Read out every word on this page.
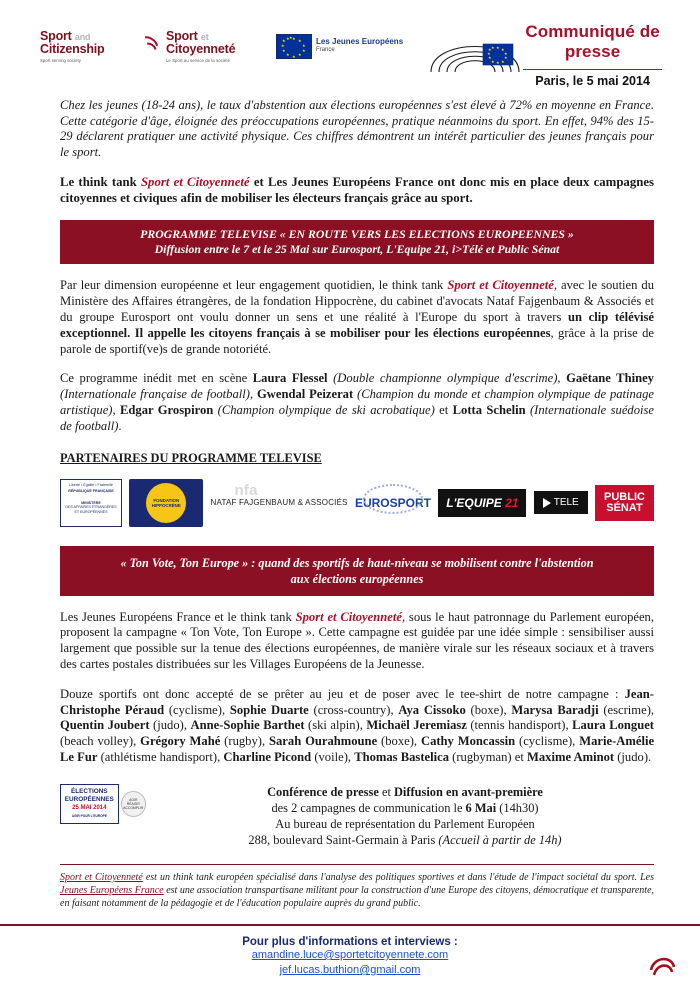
Sport and
Citizenship
Sport serving society
Sport et
Citoyenneté
Le Sport au service de la société
★ ★
★
★
★
★
★
★
★
★ ★ ★	Les Jeunes Européens
France	★ ★
★
★
★
★
★
★
★
★ ★
Communiqué de presse
Paris, le 5 mai 2014

Chez les jeunes (18-24 ans), le taux d'abstention aux élections européennes s'est élevé à 72% en moyenne en France. Cette catégorie d'âge, éloignée des préoccupations européennes, pratique néanmoins du sport. En effet, 94% des 15-29 déclarent pratiquer une activité physique. Ces chiffres démontrent un intérêt particulier des jeunes français pour le sport.

Le think tank Sport et Citoyenneté et Les Jeunes Européens France ont donc mis en place deux campagnes citoyennes et civiques afin de mobiliser les électeurs français grâce au sport.

PROGRAMME TELEVISE « EN ROUTE VERS LES ELECTIONS EUROPEENNES »
Diffusion entre le 7 et le 25 Mai sur Eurosport, L'Equipe 21, i>Télé et Public Sénat

Par leur dimension européenne et leur engagement quotidien, le think tank Sport et Citoyenneté, avec le soutien du Ministère des Affaires étrangères, de la fondation Hippocrène, du cabinet d'avocats Nataf Fajgenbaum & Associés et du groupe Eurosport ont voulu donner un sens et une réalité à l'Europe du sport à travers un clip télévisé exceptionnel. Il appelle les citoyens français à se mobiliser pour les élections européennes, grâce à la prise de parole de sportif(ve)s de grande notoriété.

Ce programme inédit met en scène Laura Flessel (Double championne olympique d'escrime), Gaëtane Thiney (Internationale française de football), Gwendal Peizerat (Champion du monde et champion olympique de patinage artistique), Edgar Grospiron (Champion olympique de ski acrobatique) et Lotta Schelin (Internationale suédoise de football).

PARTENAIRES DU PROGRAMME TELEVISE

Liberté • Égalité • Fraternité
RÉPUBLIQUE FRANÇAISE
MINISTÈRE
DES AFFAIRES ÉTRANGÈRES ET EUROPÉENNES
FONDATION HIPPOCRÈNE
nfa
NATAF FAJGENBAUM & ASSOCIÉS EUROSPORT	L'EQUIPE 21	TELE PUBLIC
SÉNAT
« Ton Vote, Ton Europe » : quand des sportifs de haut-niveau se mobilisent contre l'abstention
aux élections européennes

Les Jeunes Européens France et le think tank Sport et Citoyenneté, sous le haut patronnage du Parlement européen, proposent la campagne « Ton Vote, Ton Europe ». Cette campagne est guidée par une idée simple : sensibiliser aussi largement que possible sur la tenue des élections européennes, de manière virale sur les réseaux sociaux et à travers des cartes postales distribuées sur les Villages Européens de la Jeunesse.

Douze sportifs ont donc accepté de se prêter au jeu et de poser avec le tee-shirt de notre campagne : Jean-Christophe Péraud (cyclisme), Sophie Duarte (cross-country), Aya Cissoko (boxe), Marysa Baradji (escrime), Quentin Joubert (judo), Anne-Sophie Barthet (ski alpin), Michaël Jeremiasz (tennis handisport), Laura Longuet (beach volley), Grégory Mahé (rugby), Sarah Ourahmoune (boxe), Cathy Moncassin (cyclisme), Marie-Amélie Le Fur (athlétisme handisport), Charline Picond (voile), Thomas Bastelica (rugbyman) et Maxime Aminot (judo).

ÉLECTIONS
EUROPÉENNES
25 MAI 2014
AGIR POUR L'EUROPE
AGIR
RÉAGIR
ACCOMPLIR
Conférence de presse et Diffusion en avant-première
des 2 campagnes de communication le 6 Mai (14h30)
Au bureau de représentation du Parlement Européen
288, boulevard Saint-Germain à Paris (Accueil à partir de 14h)
Sport et Citoyenneté est un think tank européen spécialisé dans l'analyse des politiques sportives et dans l'étude de l'impact sociétal du sport. Les Jeunes Européens France est une association transpartisane militant pour la construction d'une Europe des citoyens, démocratique et transparente, en faisant notamment de la pédagogie et de l'éducation populaire auprès du grand public.
Pour plus d'informations et interviews :
amandine.luce@sportetcitoyennete.com
jef.lucas.buthion@gmail.com
